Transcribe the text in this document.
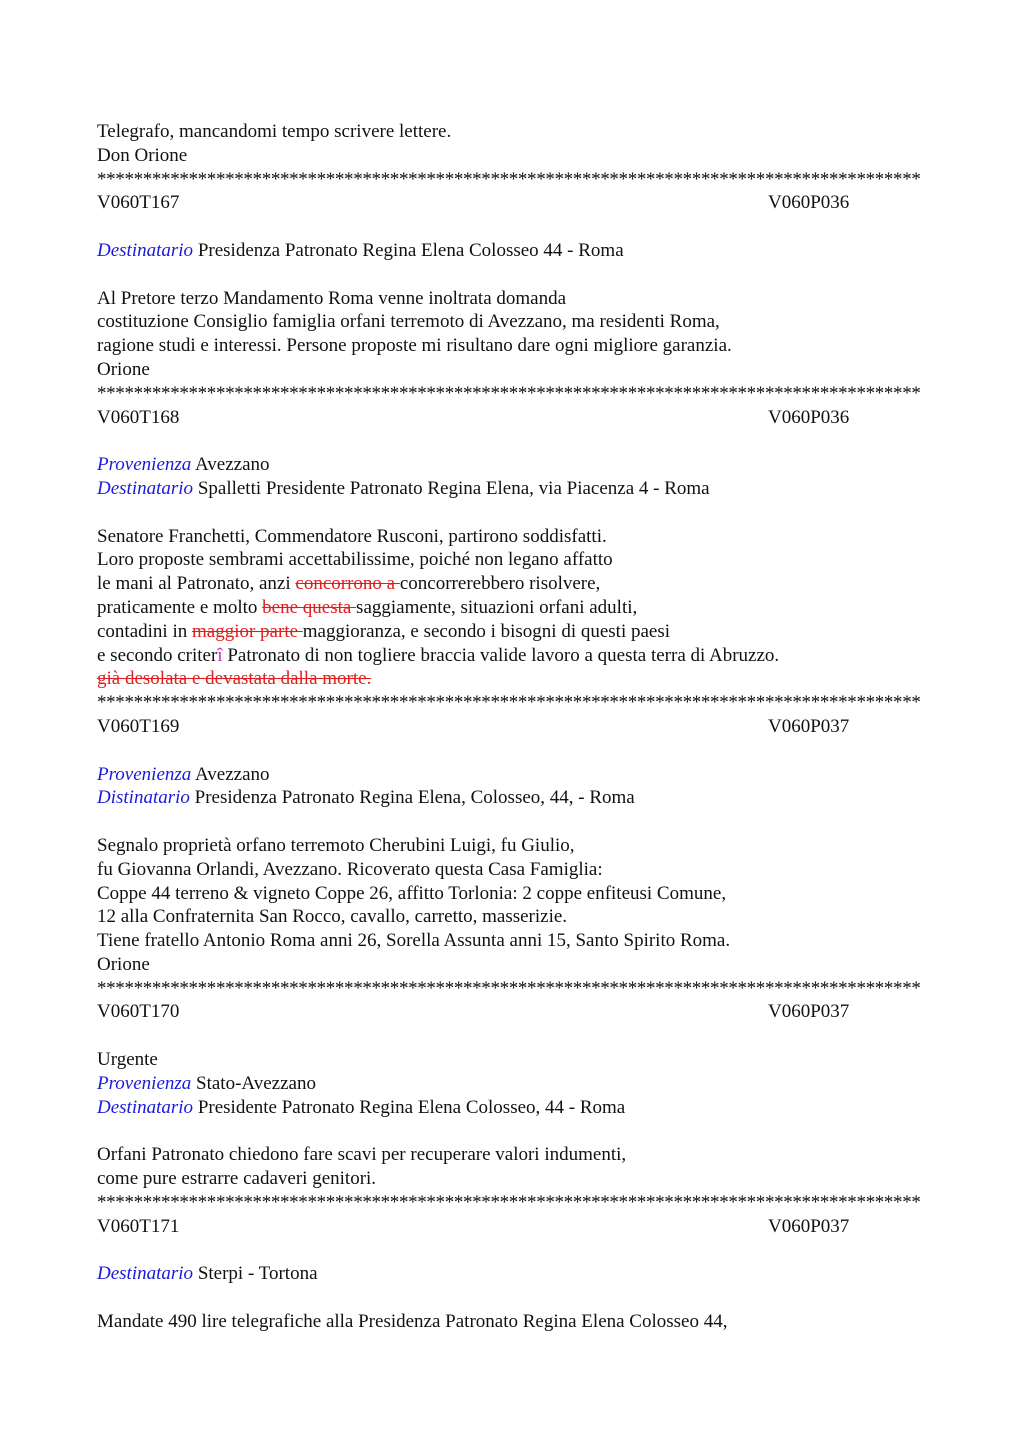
Telegrafo, mancandomi tempo scrivere lettere.
Don Orione
******************************************************************************************
V060T167	V060P036
Destinatario Presidenza Patronato Regina Elena Colosseo 44 - Roma
Al Pretore terzo Mandamento Roma venne inoltrata domanda
costituzione Consiglio famiglia orfani terremoto di Avezzano, ma residenti Roma,
ragione studi e interessi. Persone proposte mi risultano dare ogni migliore garanzia.
Orione
******************************************************************************************
V060T168	V060P036
Provenienza Avezzano
Destinatario Spalletti Presidente Patronato Regina Elena, via Piacenza 4 - Roma
Senatore Franchetti, Commendatore Rusconi, partirono soddisfatti.
Loro proposte sembrami accettabilissime, poiché non legano affatto
le mani al Patronato, anzi concorrono a concorrerebbero risolvere,
praticamente e molto bene questa saggiamente, situazioni orfani adulti,
contadini in maggior parte maggioranza, e secondo i bisogni di questi paesi
e secondo criterî Patronato di non togliere braccia valide lavoro a questa terra di Abruzzo.
già desolata e devastata dalla morte.
******************************************************************************************
V060T169	V060P037
Provenienza Avezzano
Distinatario Presidenza Patronato Regina Elena, Colosseo, 44, - Roma
Segnalo proprietà orfano terremoto Cherubini Luigi, fu Giulio,
fu Giovanna Orlandi, Avezzano. Ricoverato questa Casa Famiglia:
Coppe 44 terreno & vigneto Coppe 26, affitto Torlonia: 2 coppe enfiteusi Comune,
12 alla Confraternita San Rocco, cavallo, carretto, masserizie.
Tiene fratello Antonio Roma anni 26, Sorella Assunta anni 15, Santo Spirito Roma.
Orione
******************************************************************************************
V060T170	V060P037
Urgente
Provenienza Stato-Avezzano
Destinatario Presidente Patronato Regina Elena Colosseo, 44 - Roma
Orfani Patronato chiedono fare scavi per recuperare valori indumenti,
come pure estrarre cadaveri genitori.
******************************************************************************************
V060T171	V060P037
Destinatario Sterpi - Tortona
Mandate 490 lire telegrafiche alla Presidenza Patronato Regina Elena Colosseo 44,
